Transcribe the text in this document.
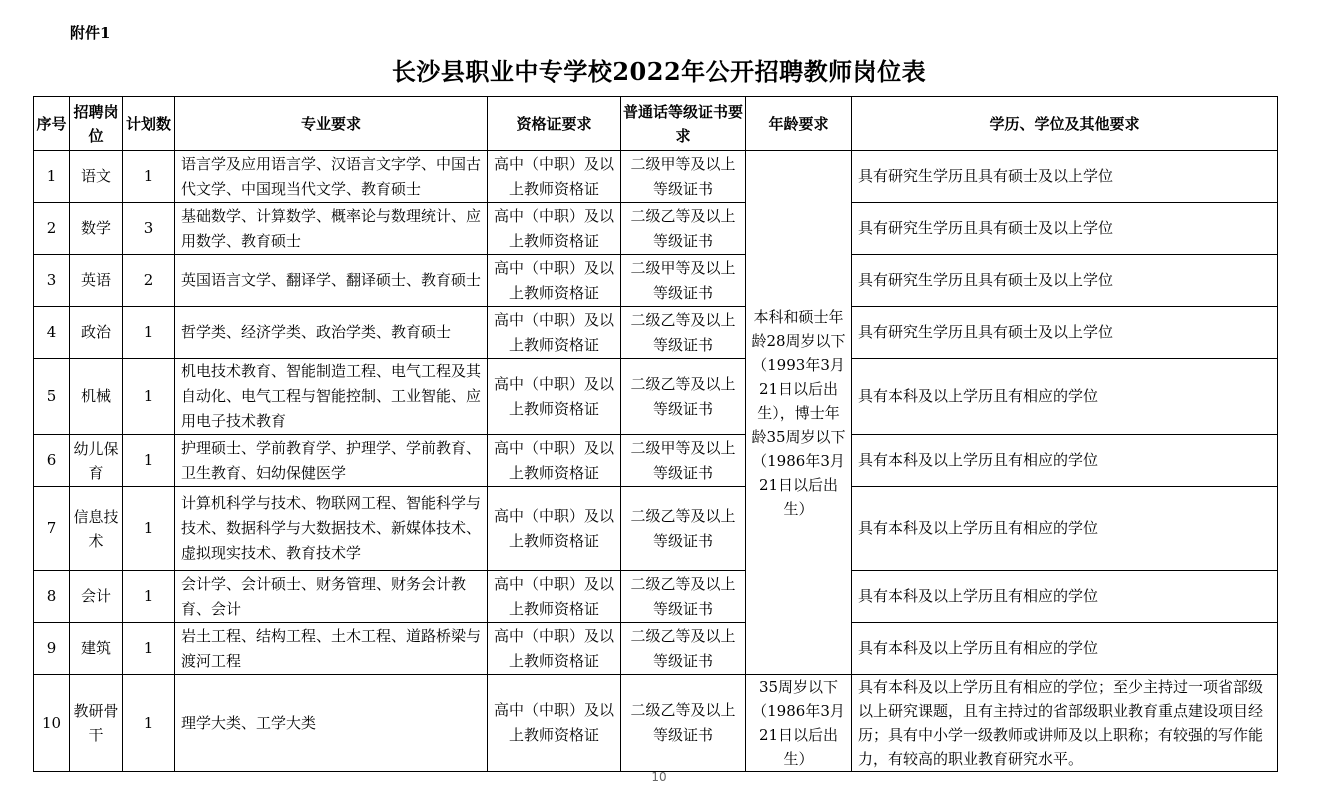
附件1
长沙县职业中专学校2022年公开招聘教师岗位表
序号	招聘岗位	计划数	专业要求	资格证要求	普通话等级证书要求	年龄要求	学历、学位及其他要求
1	语文	1	语言学及应用语言学、汉语言文字学、中国古代文学、中国现当代文学、教育硕士	高中（中职）及以上教师资格证	二级甲等及以上等级证书	本科和硕士年龄28周岁以下（1993年3月21日以后出生），博士年龄35周岁以下（1986年3月21日以后出生）	具有研究生学历且具有硕士及以上学位
2	数学	3	基础数学、计算数学、概率论与数理统计、应用数学、教育硕士	高中（中职）及以上教师资格证	二级乙等及以上等级证书		具有研究生学历且具有硕士及以上学位
3	英语	2	英国语言文学、翻译学、翻译硕士、教育硕士	高中（中职）及以上教师资格证	二级甲等及以上等级证书		具有研究生学历且具有硕士及以上学位
4	政治	1	哲学类、经济学类、政治学类、教育硕士	高中（中职）及以上教师资格证	二级乙等及以上等级证书		具有研究生学历且具有硕士及以上学位
5	机械	1	机电技术教育、智能制造工程、电气工程及其自动化、电气工程与智能控制、工业智能、应用电子技术教育	高中（中职）及以上教师资格证	二级乙等及以上等级证书		具有本科及以上学历且有相应的学位
6	幼儿保育	1	护理硕士、学前教育学、护理学、学前教育、卫生教育、妇幼保健医学	高中（中职）及以上教师资格证	二级甲等及以上等级证书		具有本科及以上学历且有相应的学位
7	信息技术	1	计算机科学与技术、物联网工程、智能科学与技术、数据科学与大数据技术、新媒体技术、虚拟现实技术、教育技术学	高中（中职）及以上教师资格证	二级乙等及以上等级证书		具有本科及以上学历且有相应的学位
8	会计	1	会计学、会计硕士、财务管理、财务会计教育、会计	高中（中职）及以上教师资格证	二级乙等及以上等级证书		具有本科及以上学历且有相应的学位
9	建筑	1	岩土工程、结构工程、土木工程、道路桥梁与渡河工程	高中（中职）及以上教师资格证	二级乙等及以上等级证书		具有本科及以上学历且有相应的学位
10	教研骨干	1	理学大类、工学大类	高中（中职）及以上教师资格证	二级乙等及以上等级证书	35周岁以下（1986年3月21日以后出生）	具有本科及以上学历且有相应的学位；至少主持过一项省部级以上研究课题，且有主持过的省部级职业教育重点建设项目经历；具有中小学一级教师或讲师及以上职称；有较强的写作能力，有较高的职业教育研究水平。
10
